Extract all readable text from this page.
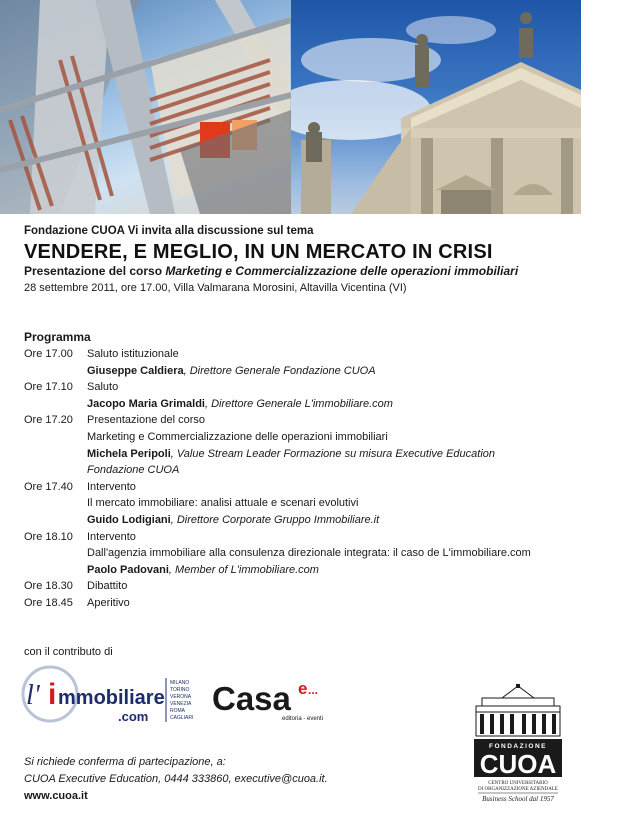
Fondazione CUOA Vi invita alla discussione sul tema

VENDERE, E MEGLIO, IN UN MERCATO IN CRISI

Presentazione del corso Marketing e Commercializzazione delle operazioni immobiliari

28 settembre 2011, ore 17.00, Villa Valmarana Morosini, Altavilla Vicentina (VI)

Programma
Ore 17.00	Saluto istituzionale
Giuseppe Caldiera, Direttore Generale Fondazione CUOA
Ore 17.10	Saluto
Jacopo Maria Grimaldi, Direttore Generale L'immobiliare.com
Ore 17.20	Presentazione del corso
Marketing e Commercializzazione delle operazioni immobiliari
Michela Peripoli, Value Stream Leader Formazione su misura Executive Education
Fondazione CUOA
Ore 17.40	Intervento
Il mercato immobiliare: analisi attuale e scenari evolutivi
Guido Lodigiani, Direttore Corporate Gruppo Immobiliare.it
Ore 18.10	Intervento
Dall'agenzia immobiliare alla consulenza direzionale integrata: il caso de L'immobiliare.com
Paolo Padovani, Member of L'immobiliare.com
Ore 18.30	Dibattito
Ore 18.45	Aperitivo
con il contributo di
l' i mmobiliare
.com
MILANO
TORINO
VERONA
VENEZIA
ROMA
CAGLIARI
Casa e ...
editoria - eventi
FONDAZIONE
CUOA
CENTRO UNIVERSITARIO
DI ORGANIZZAZIONE AZIENDALE
Business School dal 1957
Si richiede conferma di partecipazione, a:
CUOA Executive Education, 0444 333860, executive@cuoa.it.
www.cuoa.it
